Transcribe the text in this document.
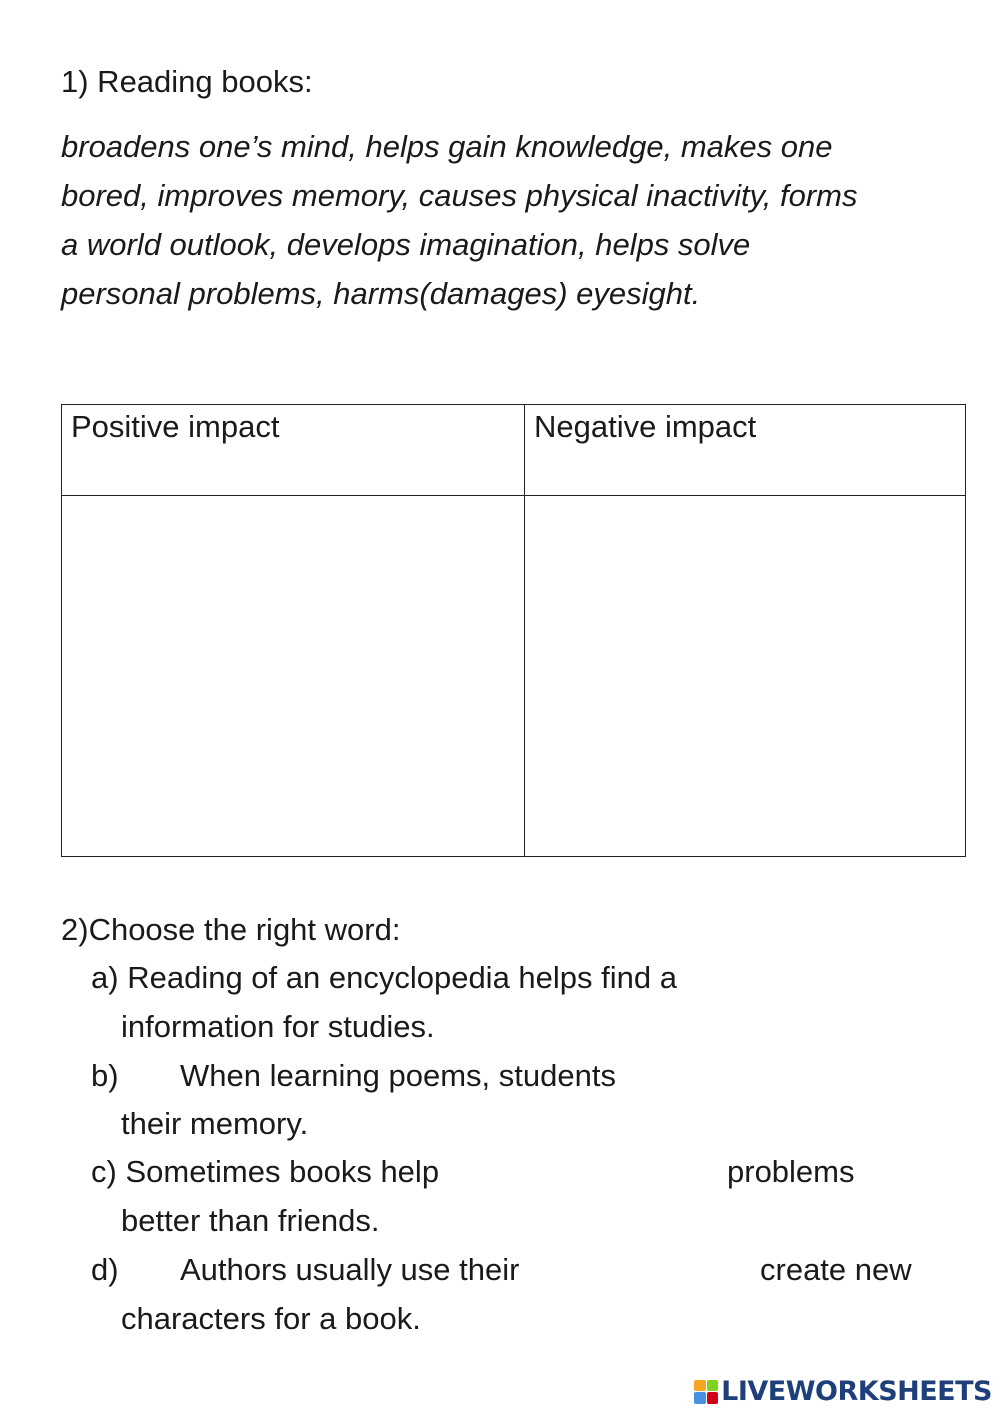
1) Reading books:

broadens one’s mind, helps gain knowledge, makes one

bored, improves memory, causes physical inactivity, forms

a world outlook, develops imagination, helps solve

personal problems, harms(damages) eyesight.

Positive impact	Negative impact

2)Choose the right word:
a) Reading of an encyclopedia helps find a
information for studies.
b) When learning poems, students
their memory.
c) Sometimes books help	problems
better than friends.
d) Authors usually use their	create new
characters for a book.
LIVEWORKSHEETS
